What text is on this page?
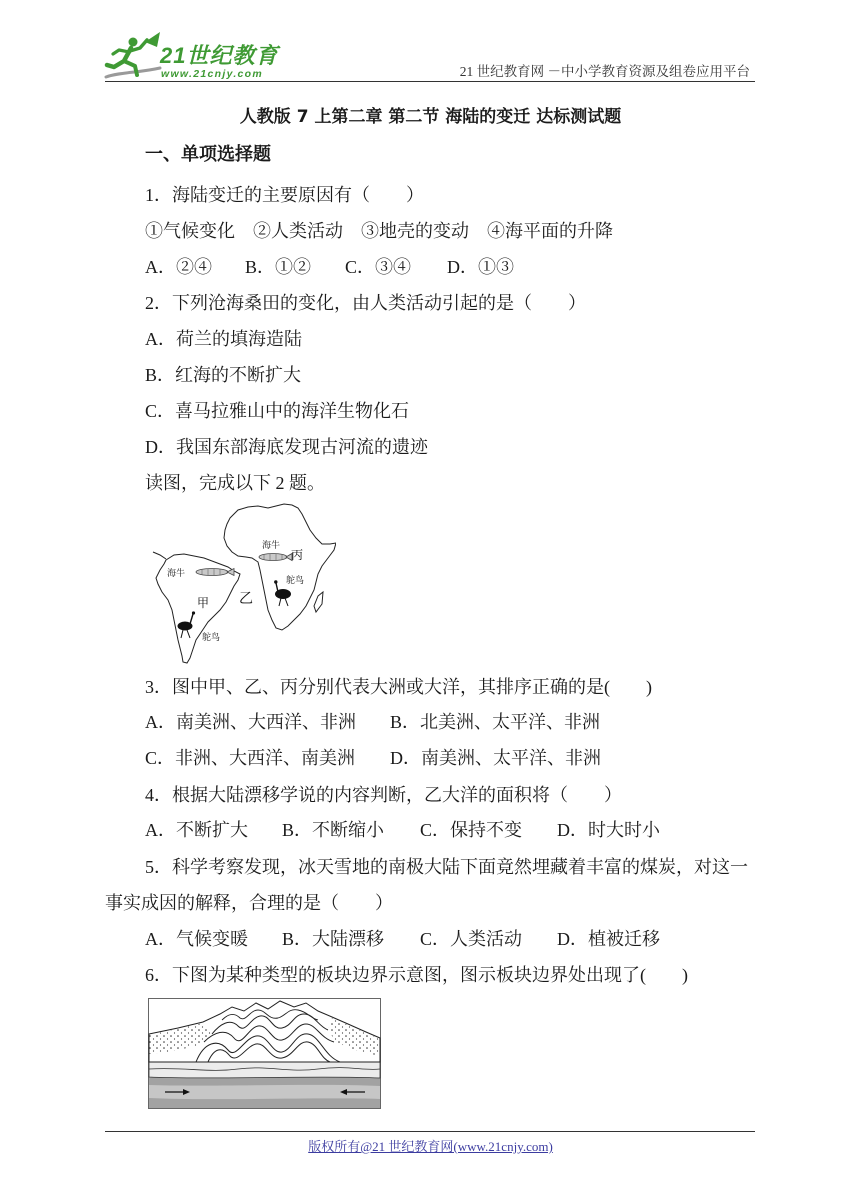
21世纪教育
www.21cnjy.com	21 世纪教育网 －中小学教育资源及组卷应用平台
人教版 7 上第二章 第二节 海陆的变迁 达标测试题
一、单项选择题
1．海陆变迁的主要原因有（　　）
①气候变化　②人类活动　③地壳的变动　④海平面的升降
A．②④ B．①② C．③④ D．①③
2．下列沧海桑田的变化，由人类活动引起的是（　　）
A．荷兰的填海造陆
B．红海的不断扩大
C．喜马拉雅山中的海洋生物化石
D．我国东部海底发现古河流的遗迹
读图，完成以下 2 题。
海牛
甲
鸵鸟
乙
海牛
丙
鸵鸟
3．图中甲、乙、丙分别代表大洲或大洋，其排序正确的是(　　)
A．南美洲、大西洋、非洲 B．北美洲、太平洋、非洲
C．非洲、大西洋、南美洲 D．南美洲、太平洋、非洲
4．根据大陆漂移学说的内容判断，乙大洋的面积将（　　）
A．不断扩大 B．不断缩小 C．保持不变 D．时大时小
5．科学考察发现，冰天雪地的南极大陆下面竟然埋藏着丰富的煤炭，对这一事实成因的解释，合理的是（　　）
A．气候变暖 B．大陆漂移 C．人类活动 D．植被迁移
6．下图为某种类型的板块边界示意图，图示板块边界处出现了(　　)
版权所有@21 世纪教育网(www.21cnjy.com)
